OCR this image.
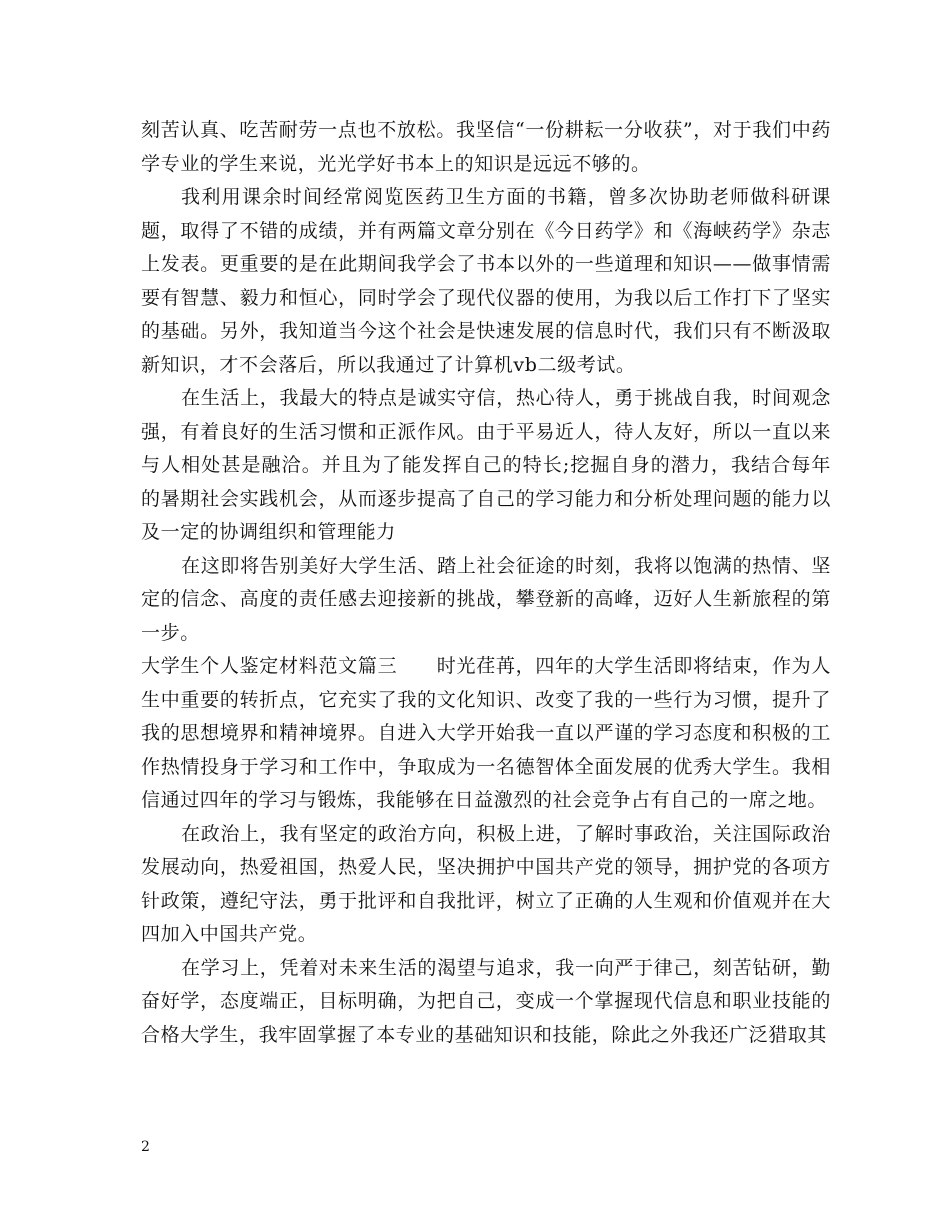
刻苦认真、吃苦耐劳一点也不放松。我坚信“一份耕耘一分收获”，对于我们中药学专业的学生来说，光光学好书本上的知识是远远不够的。

我利用课余时间经常阅览医药卫生方面的书籍，曾多次协助老师做科研课题，取得了不错的成绩，并有两篇文章分别在《今日药学》和《海峡药学》杂志上发表。更重要的是在此期间我学会了书本以外的一些道理和知识——做事情需要有智慧、毅力和恒心，同时学会了现代仪器的使用，为我以后工作打下了坚实的基础。另外，我知道当今这个社会是快速发展的信息时代，我们只有不断汲取新知识，才不会落后，所以我通过了计算机vb二级考试。

在生活上，我最大的特点是诚实守信，热心待人，勇于挑战自我，时间观念强，有着良好的生活习惯和正派作风。由于平易近人，待人友好，所以一直以来与人相处甚是融洽。并且为了能发挥自己的特长;挖掘自身的潜力，我结合每年的暑期社会实践机会，从而逐步提高了自己的学习能力和分析处理问题的能力以及一定的协调组织和管理能力

在这即将告别美好大学生活、踏上社会征途的时刻，我将以饱满的热情、坚定的信念、高度的责任感去迎接新的挑战，攀登新的高峰，迈好人生新旅程的第一步。

大学生个人鉴定材料范文篇三　　时光荏苒，四年的大学生活即将结束，作为人生中重要的转折点，它充实了我的文化知识、改变了我的一些行为习惯，提升了我的思想境界和精神境界。自进入大学开始我一直以严谨的学习态度和积极的工作热情投身于学习和工作中，争取成为一名德智体全面发展的优秀大学生。我相信通过四年的学习与锻炼，我能够在日益激烈的社会竞争占有自己的一席之地。

在政治上，我有坚定的政治方向，积极上进，了解时事政治，关注国际政治发展动向，热爱祖国，热爱人民，坚决拥护中国共产党的领导，拥护党的各项方针政策，遵纪守法，勇于批评和自我批评，树立了正确的人生观和价值观并在大四加入中国共产党。

在学习上，凭着对未来生活的渴望与追求，我一向严于律己，刻苦钻研，勤奋好学，态度端正，目标明确，为把自己，变成一个掌握现代信息和职业技能的合格大学生，我牢固掌握了本专业的基础知识和技能，除此之外我还广泛猎取其

2
